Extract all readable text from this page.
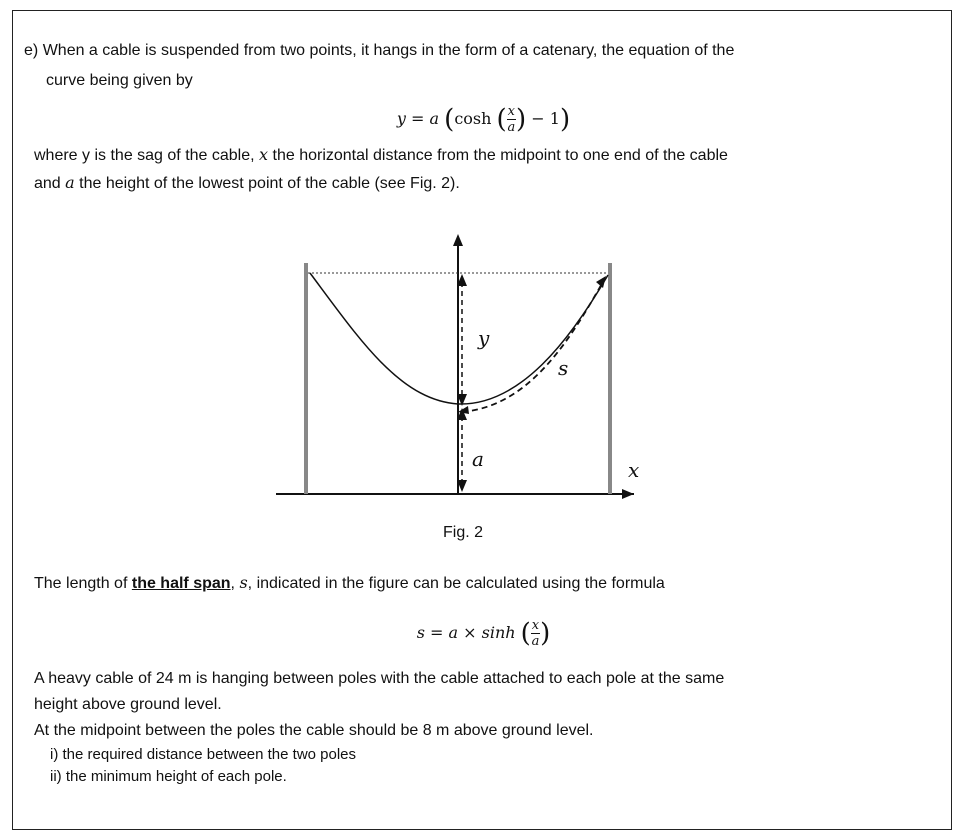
e) When a cable is suspended from two points, it hangs in the form of a catenary, the equation of the
curve being given by
y = a (cosh ( $\frac{x}{a}$ ) − 1)
where y is the sag of the cable, x the horizontal distance from the midpoint to one end of the cable
and a the height of the lowest point of the cable (see Fig. 2).
y
s
a	x
Fig. 2
The length of the half span, s, indicated in the figure can be calculated using the formula
s = a × sinh ( $\frac{x}{a}$ )
A heavy cable of 24 m is hanging between poles with the cable attached to each pole at the same
height above ground level.
At the midpoint between the poles the cable should be 8 m above ground level.
i) the required distance between the two poles
ii) the minimum height of each pole.
